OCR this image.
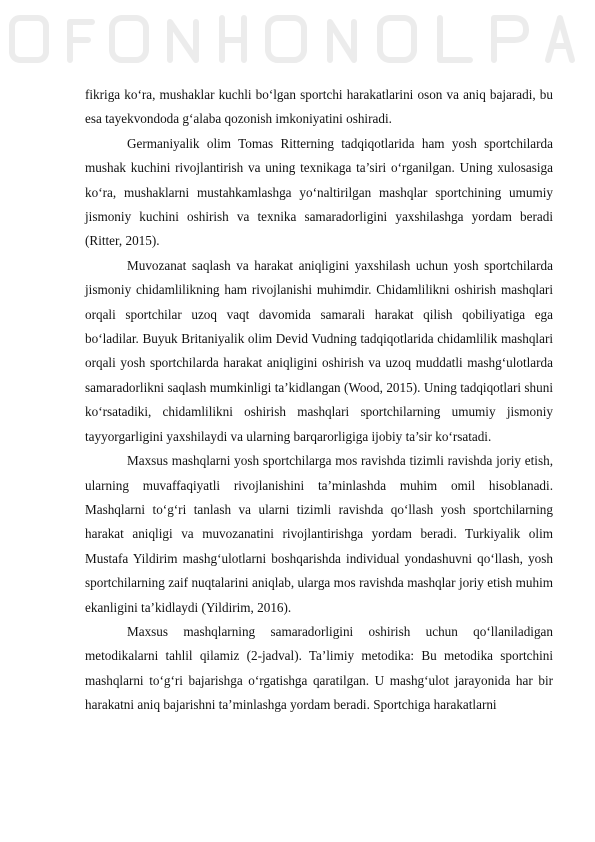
fikriga ko‘ra, mushaklar kuchli bo‘lgan sportchi harakatlarini oson va aniq bajaradi, bu esa tayekvondoda g‘alaba qozonish imkoniyatini oshiradi.

Germaniyalik olim Tomas Ritterning tadqiqotlarida ham yosh sportchilarda mushak kuchini rivojlantirish va uning texnikaga ta’siri o‘rganilgan. Uning xulosasiga ko‘ra, mushaklarni mustahkamlashga yo‘naltirilgan mashqlar sportchining umumiy jismoniy kuchini oshirish va texnika samaradorligini yaxshilashga yordam beradi (Ritter, 2015).

Muvozanat saqlash va harakat aniqligini yaxshilash uchun yosh sportchilarda jismoniy chidamlilikning ham rivojlanishi muhimdir. Chidamlilikni oshirish mashqlari orqali sportchilar uzoq vaqt davomida samarali harakat qilish qobiliyatiga ega bo‘ladilar. Buyuk Britaniyalik olim Devid Vudning tadqiqotlarida chidamlilik mashqlari orqali yosh sportchilarda harakat aniqligini oshirish va uzoq muddatli mashg‘ulotlarda samaradorlikni saqlash mumkinligi ta’kidlangan (Wood, 2015). Uning tadqiqotlari shuni ko‘rsatadiki, chidamlilikni oshirish mashqlari sportchilarning umumiy jismoniy tayyorgarligini yaxshilaydi va ularning barqarorligiga ijobiy ta’sir ko‘rsatadi.

Maxsus mashqlarni yosh sportchilarga mos ravishda tizimli ravishda joriy etish, ularning muvaffaqiyatli rivojlanishini ta’minlashda muhim omil hisoblanadi. Mashqlarni to‘g‘ri tanlash va ularni tizimli ravishda qo‘llash yosh sportchilarning harakat aniqligi va muvozanatini rivojlantirishga yordam beradi. Turkiyalik olim Mustafa Yildirim mashg‘ulotlarni boshqarishda individual yondashuvni qo‘llash, yosh sportchilarning zaif nuqtalarini aniqlab, ularga mos ravishda mashqlar joriy etish muhim ekanligini ta’kidlaydi (Yildirim, 2016).

Maxsus mashqlarning samaradorligini oshirish uchun qo‘llaniladigan metodikalarni tahlil qilamiz (2-jadval). Ta’limiy metodika: Bu metodika sportchini mashqlarni to‘g‘ri bajarishga o‘rgatishga qaratilgan. U mashg‘ulot jarayonida har bir harakatni aniq bajarishni ta’minlashga yordam beradi. Sportchiga harakatlarni
